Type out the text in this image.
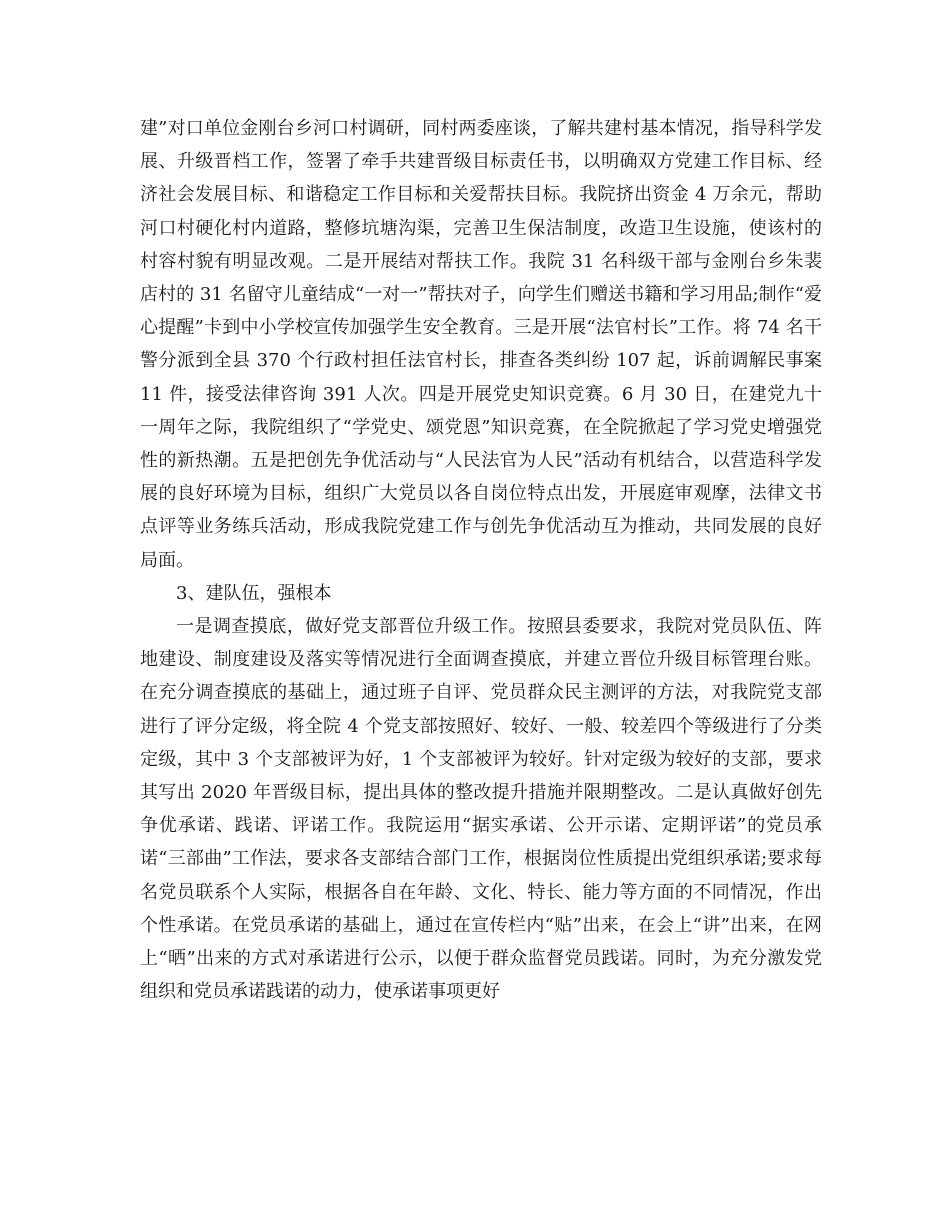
建”对口单位金刚台乡河口村调研，同村两委座谈，了解共建村基本情况，指导科学发展、升级晋档工作，签署了牵手共建晋级目标责任书，以明确双方党建工作目标、经济社会发展目标、和谐稳定工作目标和关爱帮扶目标。我院挤出资金 4 万余元，帮助河口村硬化村内道路，整修坑塘沟渠，完善卫生保洁制度，改造卫生设施，使该村的村容村貌有明显改观。二是开展结对帮扶工作。我院 31 名科级干部与金刚台乡朱裴店村的 31 名留守儿童结成“一对一”帮扶对子，向学生们赠送书籍和学习用品;制作“爱心提醒”卡到中小学校宣传加强学生安全教育。三是开展“法官村长”工作。将 74 名干警分派到全县 370 个行政村担任法官村长，排查各类纠纷 107 起，诉前调解民事案 11 件，接受法律咨询 391 人次。四是开展党史知识竞赛。6 月 30 日，在建党九十一周年之际，我院组织了“学党史、颂党恩”知识竞赛，在全院掀起了学习党史增强党性的新热潮。五是把创先争优活动与“人民法官为人民”活动有机结合，以营造科学发展的良好环境为目标，组织广大党员以各自岗位特点出发，开展庭审观摩，法律文书点评等业务练兵活动，形成我院党建工作与创先争优活动互为推动，共同发展的良好局面。

3、建队伍，强根本

一是调查摸底，做好党支部晋位升级工作。按照县委要求，我院对党员队伍、阵地建设、制度建设及落实等情况进行全面调查摸底，并建立晋位升级目标管理台账。在充分调查摸底的基础上，通过班子自评、党员群众民主测评的方法，对我院党支部进行了评分定级，将全院 4 个党支部按照好、较好、一般、较差四个等级进行了分类定级，其中 3 个支部被评为好，1 个支部被评为较好。针对定级为较好的支部，要求其写出 2020 年晋级目标，提出具体的整改提升措施并限期整改。二是认真做好创先争优承诺、践诺、评诺工作。我院运用“据实承诺、公开示诺、定期评诺”的党员承诺“三部曲”工作法，要求各支部结合部门工作，根据岗位性质提出党组织承诺;要求每名党员联系个人实际，根据各自在年龄、文化、特长、能力等方面的不同情况，作出个性承诺。在党员承诺的基础上，通过在宣传栏内“贴”出来，在会上“讲”出来，在网上“晒”出来的方式对承诺进行公示，以便于群众监督党员践诺。同时，为充分激发党组织和党员承诺践诺的动力，使承诺事项更好
